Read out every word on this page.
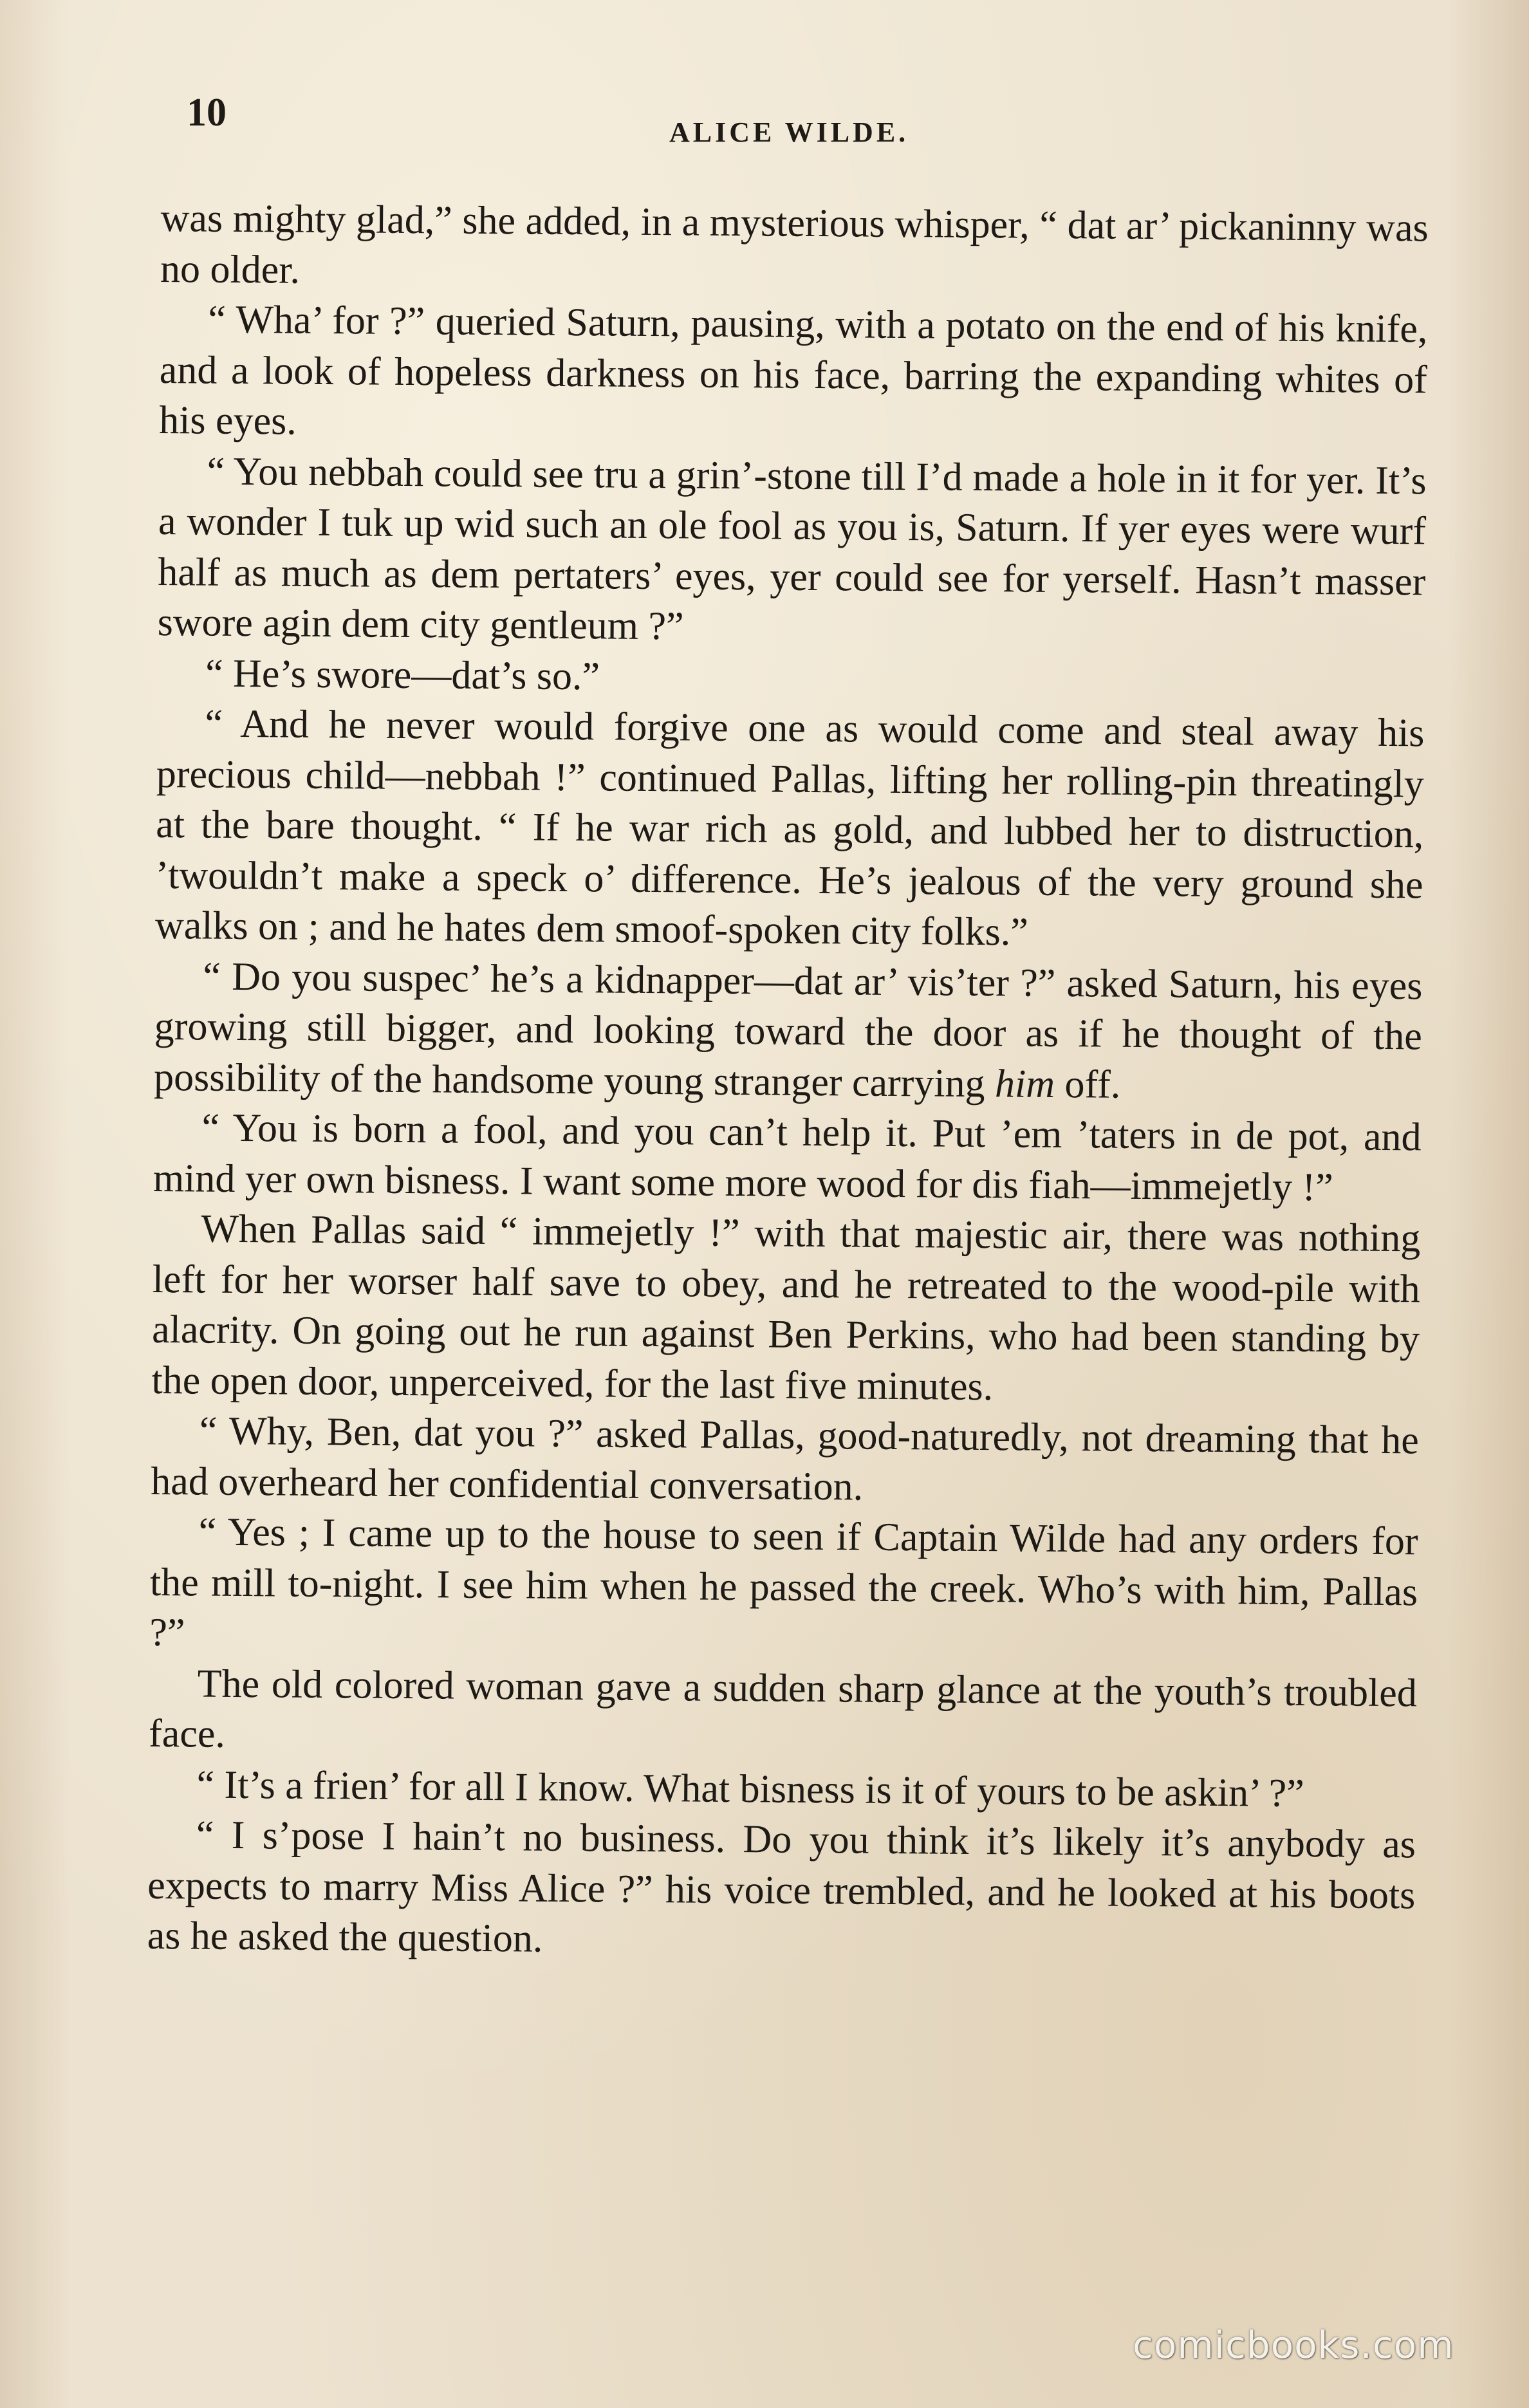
10	ALICE WILDE.

was mighty glad,” she added, in a mysterious whisper, “ dat ar’ pickaninny was no older.

“ Wha’ for ?” queried Saturn, pausing, with a potato on the end of his knife, and a look of hopeless darkness on his face, barring the expanding whites of his eyes.

“ You nebbah could see tru a grin’-stone till I’d made a hole in it for yer. It’s a wonder I tuk up wid such an ole fool as you is, Saturn. If yer eyes were wurf half as much as dem pertaters’ eyes, yer could see for yerself. Hasn’t masser swore agin dem city gentleum ?”

“ He’s swore—dat’s so.”

“ And he never would forgive one as would come and steal away his precious child—nebbah !” continued Pallas, lifting her rolling-pin threatingly at the bare thought. “ If he war rich as gold, and lubbed her to distruction, ’twouldn’t make a speck o’ difference. He’s jealous of the very ground she walks on ; and he hates dem smoof-spoken city folks.”

“ Do you suspec’ he’s a kidnapper—dat ar’ vis’ter ?” asked Saturn, his eyes growing still bigger, and looking toward the door as if he thought of the possibility of the handsome young stranger carrying him off.

“ You is born a fool, and you can’t help it. Put ’em ’taters in de pot, and mind yer own bisness. I want some more wood for dis fiah—immejetly !”

When Pallas said “ immejetly !” with that majestic air, there was nothing left for her worser half save to obey, and he retreated to the wood-pile with alacrity. On going out he run against Ben Perkins, who had been standing by the open door, unperceived, for the last five minutes.

“ Why, Ben, dat you ?” asked Pallas, good-naturedly, not dreaming that he had overheard her confidential conversation.

“ Yes ; I came up to the house to seen if Captain Wilde had any orders for the mill to-night. I see him when he passed the creek. Who’s with him, Pallas ?”

The old colored woman gave a sudden sharp glance at the youth’s troubled face.

“ It’s a frien’ for all I know. What bisness is it of yours to be askin’ ?”

“ I s’pose I hain’t no business. Do you think it’s likely it’s anybody as expects to marry Miss Alice ?” his voice trembled, and he looked at his boots as he asked the question.

comicbooks.com
